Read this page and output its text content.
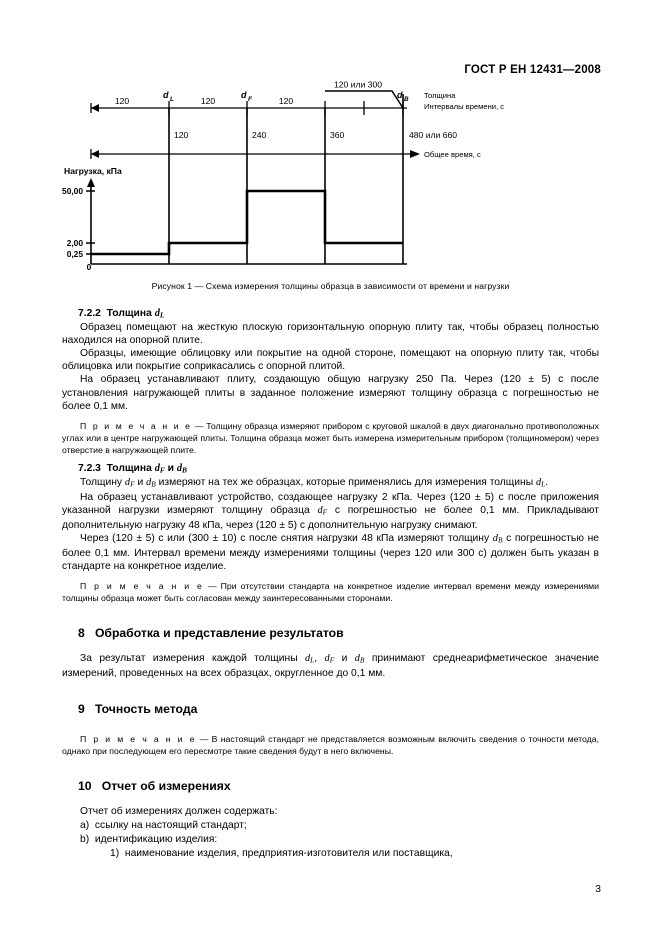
ГОСТ Р ЕН 12431—2008
120	120	120
120 или 300
d L	d F	d B Толщина
Интервалы времени, с
120	240	360	480 или 660
Общее время, с
Нагрузка, кПа
50,00
2,00
0,25
0
Рисунок 1 — Схема измерения толщины образца в зависимости от времени и нагрузки
7.2.2 Толщина $d_L$

Образец помещают на жесткую плоскую горизонтальную опорную плиту так, чтобы образец полностью находился на опорной плите.

Образцы, имеющие облицовку или покрытие на одной стороне, помещают на опорную плиту так, чтобы облицовка или покрытие соприкасались с опорной плитой.

На образец устанавливают плиту, создающую общую нагрузку 250 Па. Через (120 ± 5) с после установления нагружающей плиты в заданное положение измеряют толщину образца с погрешностью не более 0,1 мм.

П р и м е ч а н и е — Толщину образца измеряют прибором с круговой шкалой в двух диагонально противоположных углах или в центре нагружающей плиты. Толщина образца может быть измерена измерительным прибором (толщиномером) через отверстие в нагружающей плите.

7.2.3 Толщина $d_F$ и $d_B$

Толщину $d_F$ и $d_B$ измеряют на тех же образцах, которые применялись для измерения толщины $d_L$.

На образец устанавливают устройство, создающее нагрузку 2 кПа. Через (120 ± 5) с после приложения указанной нагрузки измеряют толщину образца $d_F$ с погрешностью не более 0,1 мм. Прикладывают дополнительную нагрузку 48 кПа, через (120 ± 5) с дополнительную нагрузку снимают.

Через (120 ± 5) с или (300 ± 10) с после снятия нагрузки 48 кПа измеряют толщину $d_B$ с погрешностью не более 0,1 мм. Интервал времени между измерениями толщины (через 120 или 300 с) должен быть указан в стандарте на конкретное изделие.

П р и м е ч а н и е — При отсутствии стандарта на конкретное изделие интервал времени между измерениями толщины образца может быть согласован между заинтересованными сторонами.

8 Обработка и представление результатов

За результат измерения каждой толщины $d_L$, $d_F$ и $d_B$ принимают среднеарифметическое значение измерений, проведенных на всех образцах, округленное до 0,1 мм.

9 Точность метода

П р и м е ч а н и е — В настоящий стандарт не представляется возможным включить сведения о точности метода, однако при последующем его пересмотре такие сведения будут в него включены.

10 Отчет об измерениях

Отчет об измерениях должен содержать:

a) ссылку на настоящий стандарт;

b) идентификацию изделия:

1) наименование изделия, предприятия-изготовителя или поставщика,

3
